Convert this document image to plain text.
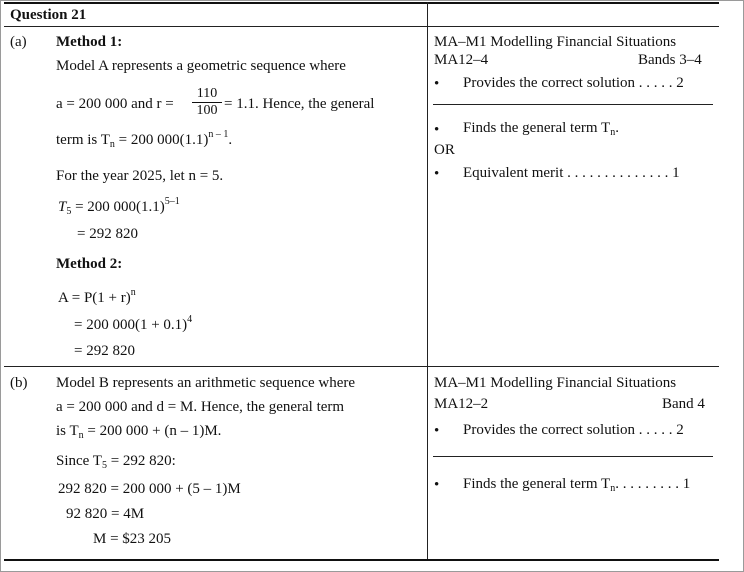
Question 21
(a) Method 1:
Model A represents a geometric sequence where
a = 200 000 and $r = \frac{110}{100} = 1.1$. Hence, the general
term is $T_n = 200$ $000(1.1)^{n - 1}$.
For the year 2025, let n = 5.
$T_5 = 200$ $000(1.1)^{5-1}$
= 292 820
Method 2:
$A = P(1 + r)^n$
= 200 $000(1 + 0.1)^4$
= 292 820
MA–M1 Modelling Financial Situations
MA12–4	Bands 3–4
• Provides the correct solution . . . . . 2
• Finds the general term $T_n$.
OR
• Equivalent merit . . . . . . . . . . . . . . 1
(b) Model B represents an arithmetic sequence where
a = 200 000 and d = M. Hence, the general term
is $T_n = 200$ 000 + (n – 1)M.
Since $T_5 = 292$ 820:
292 820 = 200 000 + (5 – 1)M
92 820 = 4M
M = $23 205
MA–M1 Modelling Financial Situations
MA12–2	Band 4
• Provides the correct solution . . . . . 2
• Finds the general term $T_n$. . . . . . . . . 1
